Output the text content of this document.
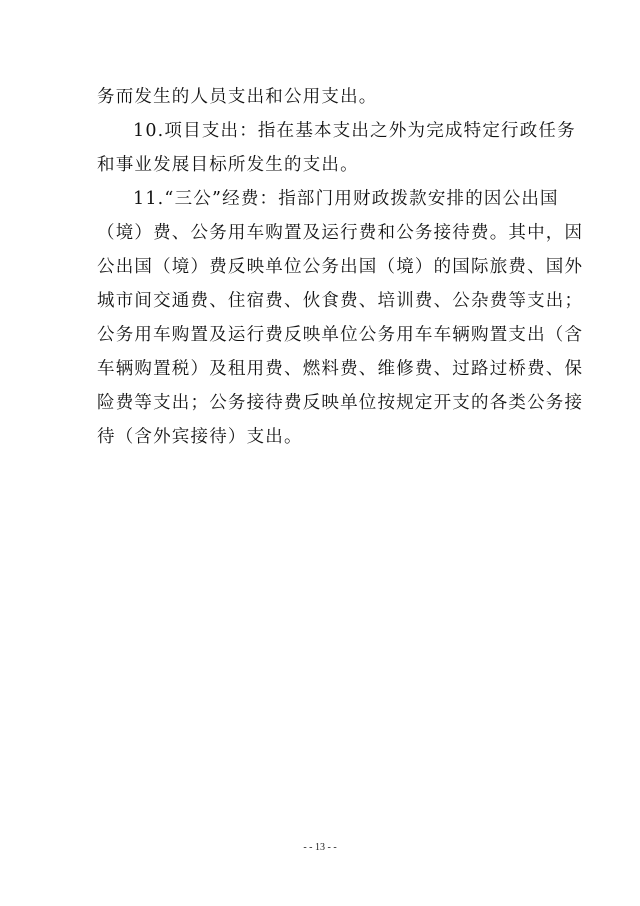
务而发生的人员支出和公用支出。
10.项目支出：指在基本支出之外为完成特定行政任务
和事业发展目标所发生的支出。
11.“三公”经费：指部门用财政拨款安排的因公出国
（境）费、公务用车购置及运行费和公务接待费。其中，因
公出国（境）费反映单位公务出国（境）的国际旅费、国外
城市间交通费、住宿费、伙食费、培训费、公杂费等支出；
公务用车购置及运行费反映单位公务用车车辆购置支出（含
车辆购置税）及租用费、燃料费、维修费、过路过桥费、保
险费等支出；公务接待费反映单位按规定开支的各类公务接
待（含外宾接待）支出。
- - 13 - -
